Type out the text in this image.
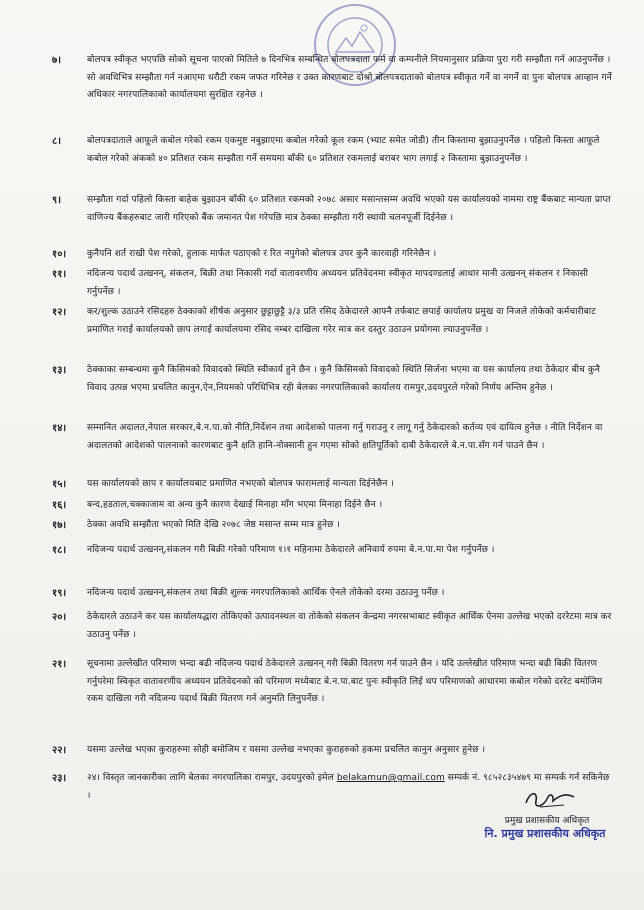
७।	बोलपत्र स्वीकृत भएपछि सोको सूचना पाएको मितिले ७ दिनभित्र सम्बन्धित बोलपत्रदाता फर्म वा कम्पनीले नियमानुसार प्रक्रिया पुरा गरी सम्झौता गर्न आउनुपर्नेछ । सो अवधिभित्र सम्झौता गर्न नआएमा धरौटी रकम जफत गरिनेछ र उक्त कारणबाट दोश्रो बोलपत्रदाताको बोलपत्र स्वीकृत गर्ने वा नगर्ने वा पुनः बोलपत्र आव्हान गर्ने अधिकार नगरपालिकाको कार्यालयमा सुरक्षित रहनेछ ।
८।	बोलपत्रदाताले आफूले कबोल गरेको रकम एकमुष्ट नबुझाएमा कबोल गरेको कूल रकम (भ्याट समेत जोडी) तीन किस्तामा बुझाउनुपर्नेछ । पहिलो किस्ता आफूले कबोल गरेको अंकको ४० प्रतिशत रकम सम्झौता गर्ने समयमा बाँकी ६० प्रतिशत रकमलाई बराबर भाग लगाई २ किस्तामा बुझाउनुपर्नेछ ।
९।	सम्झौता गर्दा पहिलो किस्ता बाहेक बुझाउन बाँकी ६० प्रतिशत रकमको २०७८ असार मसान्तसम्म अवधि भएको यस कार्यालयको नाममा राष्ट्र बैंकबाट मान्यता प्राप्त वाणिज्य बैंकहरुबाट जारी गरिएको बैंक जमानत पेश गरेपछि मात्र ठेक्का सम्झौता गरी स्थायी चलनपूर्जी दिईनेछ ।
१०।	कुनैपनि शर्त राखी पेश गरेको, हुलाक मार्फत पठाएको र रित नपुगेको बोलपत्र उपर कुनै कारवाही गरिनेछैन ।
११।	नदिजन्य पदार्थ उत्खनन्, संकलन, बिक्री तथा निकासी गर्दा वातावरणीय अध्ययन प्रतिवेदनमा स्वीकृत मापदण्डलाई आधार मानी उत्खनन् संकलन र निकासी गर्नुपर्नेछ ।
१२।	कर/शुल्क उठाउने रसिदहरु ठेक्काको शीर्षक अनुसार छुट्टाछुट्टै ३/३ प्रति रसिद ठेकेदारले आफ्नै तर्फबाट छपाई कार्यालय प्रमुख वा निजले तोकेको कर्मचारीबाट प्रमाणित गराई कार्यालयको छाप लगाई कार्यालयमा रसिद नम्बर दाखिला गरेर मात्र कर दस्तुर उठाउन प्रयोगमा ल्याउनुपर्नेछ ।
१३।	ठेक्काका सम्बन्धमा कुनै किसिमको विवादको स्थिति स्वीकार्य हुने छैन । कुनै किसिमको विवादको स्थिति सिर्जना भएमा वा यस कार्यालय तथा ठेकेदार बीच कुनै विवाद उत्पन्न भएमा प्रचलित कानुन,ऐन,नियमको परिधिभित्र रही बेलका नगरपालिकाको कार्यालय रामपुर,उदयपुरले गरेको निर्णय अन्तिम हुनेछ ।
१४।	सम्मानित अदालत,नेपाल सरकार,बे.न.पा.को नीति,निर्देशन तथा आदेशको पालना गर्नु गराउनु र लागू गर्नु ठेकेदारको कर्तव्य एवं दायित्व हुनेछ । नीति निर्देशन वा अदालतको आदेशको पालनाको कारणबाट कुनै क्षति हानि-नोक्सानी हुन गएमा सोको क्षतिपूर्तिको दाबी ठेकेदारले बे.न.पा.सँग गर्न पाउने छैन ।
१५।	यस कार्यालयको छाप र कार्यालयबाट प्रमाणित नभएको बोलपत्र फारामलाई मान्यता दिईनेछैन ।
१६।	बन्द,हडताल,चक्काजाम वा अन्य कुनै कारण देखाई मिनाहा माँग भएमा मिनाहा दिईने छैन ।
१७।	ठेक्का अवधि सम्झौता भएको मिति देखि २०७८ जेष्ठ मसान्त सम्म मात्र हुनेछ ।
१८।	नदिजन्य पदार्थ उत्खनन्,संकलन गरी बिक्री गरेको परिमाण १।१ महिनामा ठेकेदारले अनिवार्य रुपमा बे.न.पा.मा पेश गर्नुपर्नेछ ।
१९।	नदिजन्य पदार्थ उत्खनन्,संकलन तथा बिक्री शुल्क नगरपालिकाको आर्थिक ऐनले तोकेको दरमा उठाउनु पर्नेछ ।
२०।	ठेकेदारले उठाउने कर यस कार्यालयद्धारा तोकिएको उत्पादनस्थल वा तोकेको संकलन केन्द्रमा नगरसभाबाट स्वीकृत आर्थिक ऐनमा उल्लेख भएको दररेटमा मात्र कर उठाउनु पर्नेछ ।
२१।	सूचनामा उल्लेखीत परिमाण भन्दा बढी नदिजन्य पदार्थ ठेकेदारले उत्खनन् गरी बिक्री वितरण गर्न पाउने छैन । यदि उल्लेखीत परिमाण भन्दा बढी बिक्री वितरण गर्नुपरेमा स्विकृत वातावरणीय अध्ययन प्रतिवेदनको को परिमाण मध्येबाट बे.न.पा.बाट पुनः स्वीकृति लिई थप परिमाणको आधारमा कबोल गरेको दररेट बमोजिम रकम दाखिला गरी नदिजन्य पदार्थ बिक्री वितरण गर्न अनुमति लिनुपर्नेछ ।
२२।	यसमा उल्लेख भएका कुराहरुमा सोही बमोजिम र यसमा उल्लेख नभएका कुराहरुको हकमा प्रचलित कानुन अनुसार हुनेछ ।
२३।	२४। विस्तृत जानकारीका लागि बेलका नगरपालिका रामपुर, उदयपुरको इमेल belakamun@gmail.com सम्पर्क नं. ९८५२८३५४७९ मा सम्पर्क गर्न सकिनेछ ।
प्रमुख प्रशासकीय अधिकृत
नि. प्रमुख प्रशासकीय अधिकृत
